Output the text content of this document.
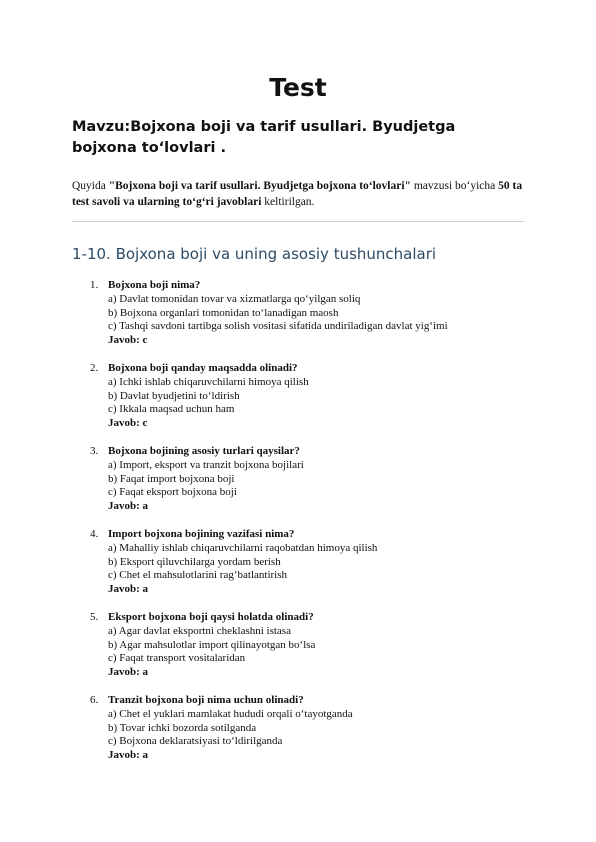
Test
Mavzu:Bojxona boji va tarif usullari. Byudjetga bojxona to‘lovlari .

Quyida "Bojxona boji va tarif usullari. Byudjetga bojxona to‘lovlari" mavzusi bo‘yicha 50 ta test savoli va ularning to‘g‘ri javoblari keltirilgan.

1-10. Bojxona boji va uning asosiy tushunchalari
1. Bojxona boji nima?
a) Davlat tomonidan tovar va xizmatlarga qo‘yilgan soliq
b) Bojxona organlari tomonidan to‘lanadigan maosh
c) Tashqi savdoni tartibga solish vositasi sifatida undiriladigan davlat yig‘imi
Javob: c
2. Bojxona boji qanday maqsadda olinadi?
a) Ichki ishlab chiqaruvchilarni himoya qilish
b) Davlat byudjetini to‘ldirish
c) Ikkala maqsad uchun ham
Javob: c
3. Bojxona bojining asosiy turlari qaysilar?
a) Import, eksport va tranzit bojxona bojilari
b) Faqat import bojxona boji
c) Faqat eksport bojxona boji
Javob: a
4. Import bojxona bojining vazifasi nima?
a) Mahalliy ishlab chiqaruvchilarni raqobatdan himoya qilish
b) Eksport qiluvchilarga yordam berish
c) Chet el mahsulotlarini rag‘batlantirish
Javob: a
5. Eksport bojxona boji qaysi holatda olinadi?
a) Agar davlat eksportni cheklashni istasa
b) Agar mahsulotlar import qilinayotgan bo‘lsa
c) Faqat transport vositalaridan
Javob: a
6. Tranzit bojxona boji nima uchun olinadi?
a) Chet el yuklari mamlakat hududi orqali o‘tayotganda
b) Tovar ichki bozorda sotilganda
c) Bojxona deklaratsiyasi to‘ldirilganda
Javob: a
